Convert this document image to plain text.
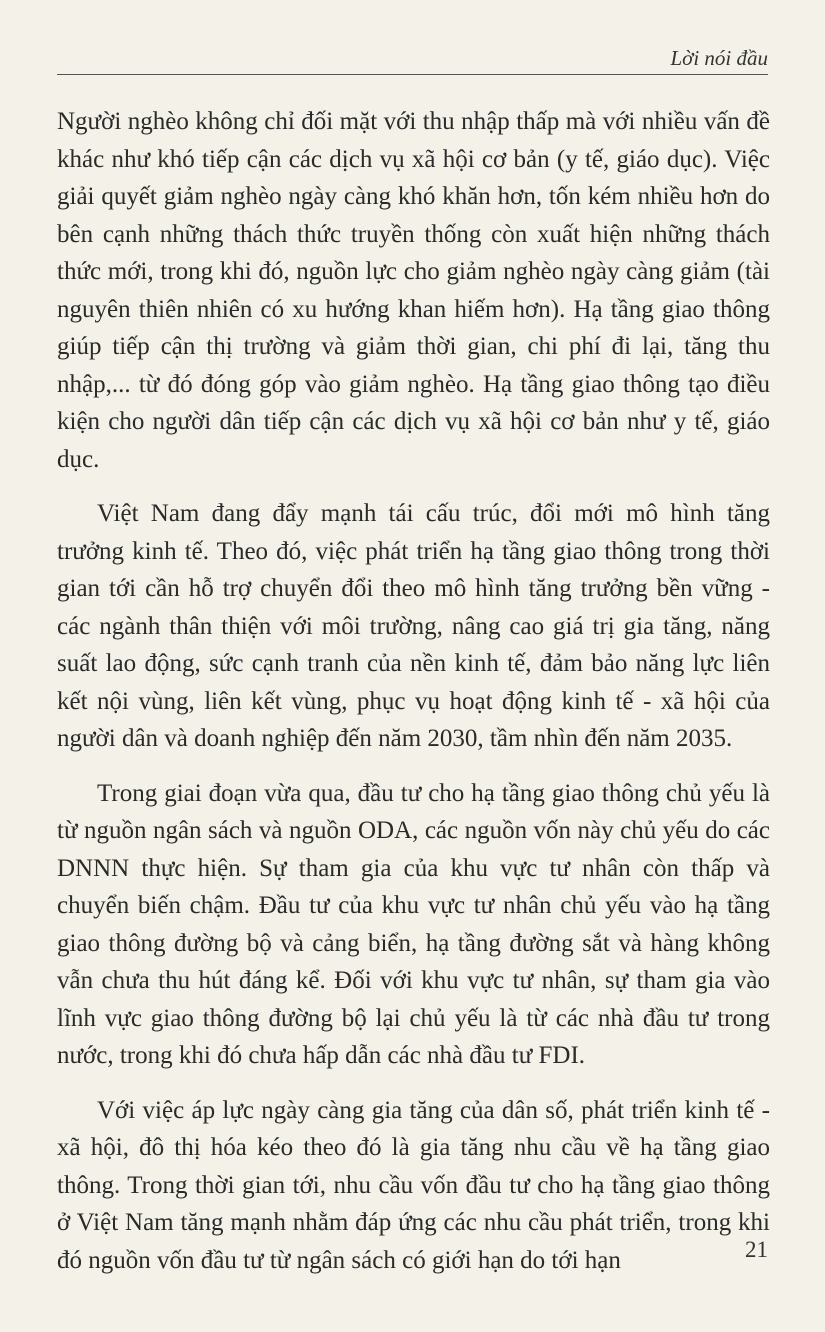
Lời nói đầu

Người nghèo không chỉ đối mặt với thu nhập thấp mà với nhiều vấn đề khác như khó tiếp cận các dịch vụ xã hội cơ bản (y tế, giáo dục). Việc giải quyết giảm nghèo ngày càng khó khăn hơn, tốn kém nhiều hơn do bên cạnh những thách thức truyền thống còn xuất hiện những thách thức mới, trong khi đó, nguồn lực cho giảm nghèo ngày càng giảm (tài nguyên thiên nhiên có xu hướng khan hiếm hơn). Hạ tầng giao thông giúp tiếp cận thị trường và giảm thời gian, chi phí đi lại, tăng thu nhập,... từ đó đóng góp vào giảm nghèo. Hạ tầng giao thông tạo điều kiện cho người dân tiếp cận các dịch vụ xã hội cơ bản như y tế, giáo dục.

Việt Nam đang đẩy mạnh tái cấu trúc, đổi mới mô hình tăng trưởng kinh tế. Theo đó, việc phát triển hạ tầng giao thông trong thời gian tới cần hỗ trợ chuyển đổi theo mô hình tăng trưởng bền vững - các ngành thân thiện với môi trường, nâng cao giá trị gia tăng, năng suất lao động, sức cạnh tranh của nền kinh tế, đảm bảo năng lực liên kết nội vùng, liên kết vùng, phục vụ hoạt động kinh tế - xã hội của người dân và doanh nghiệp đến năm 2030, tầm nhìn đến năm 2035.

Trong giai đoạn vừa qua, đầu tư cho hạ tầng giao thông chủ yếu là từ nguồn ngân sách và nguồn ODA, các nguồn vốn này chủ yếu do các DNNN thực hiện. Sự tham gia của khu vực tư nhân còn thấp và chuyển biến chậm. Đầu tư của khu vực tư nhân chủ yếu vào hạ tầng giao thông đường bộ và cảng biển, hạ tầng đường sắt và hàng không vẫn chưa thu hút đáng kể. Đối với khu vực tư nhân, sự tham gia vào lĩnh vực giao thông đường bộ lại chủ yếu là từ các nhà đầu tư trong nước, trong khi đó chưa hấp dẫn các nhà đầu tư FDI.

Với việc áp lực ngày càng gia tăng của dân số, phát triển kinh tế - xã hội, đô thị hóa kéo theo đó là gia tăng nhu cầu về hạ tầng giao thông. Trong thời gian tới, nhu cầu vốn đầu tư cho hạ tầng giao thông ở Việt Nam tăng mạnh nhằm đáp ứng các nhu cầu phát triển, trong khi đó nguồn vốn đầu tư từ ngân sách có giới hạn do tới hạn	21
